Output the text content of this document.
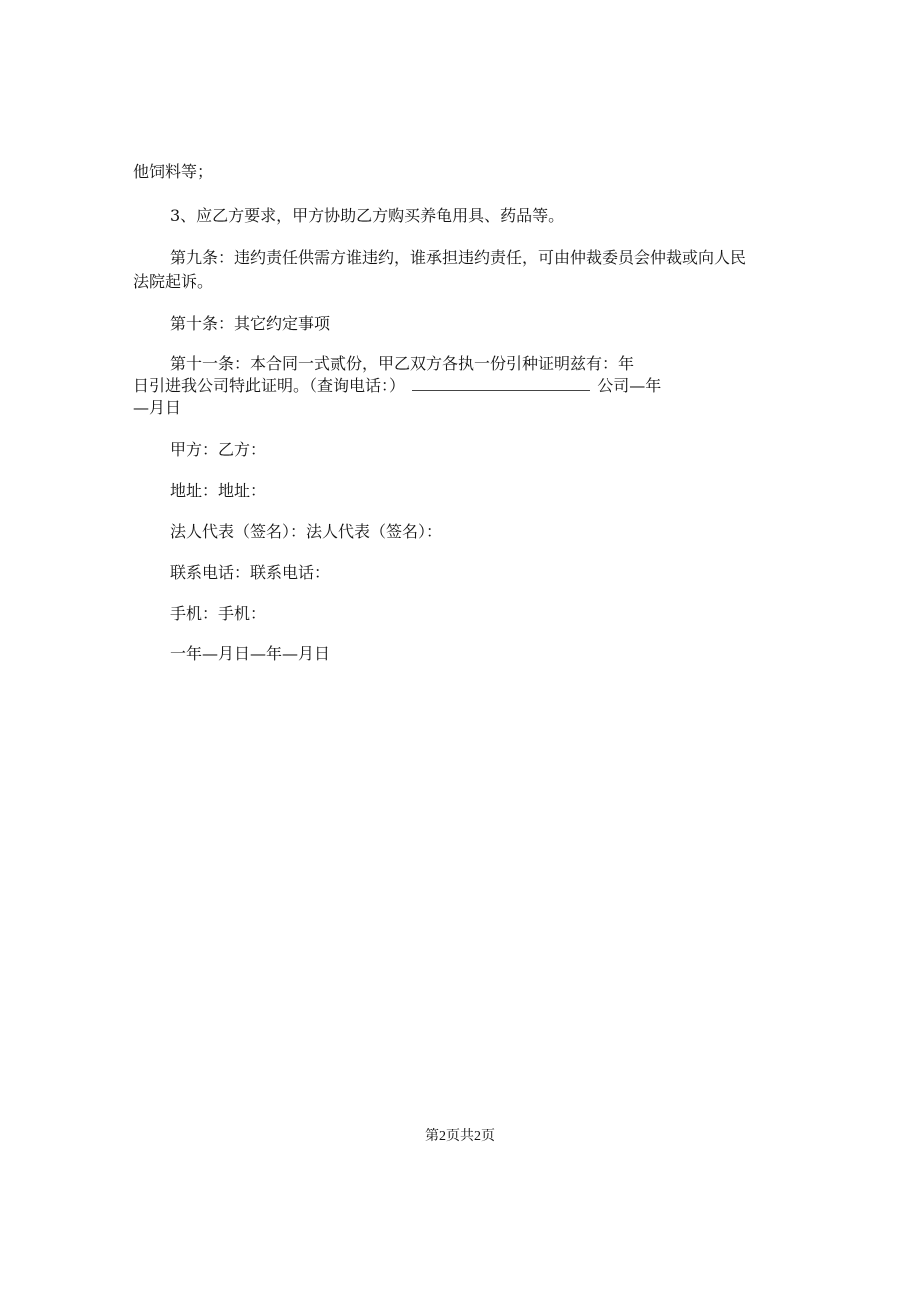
他饲料等；
3、应乙方要求，甲方协助乙方购买养龟用具、药品等。
第九条：违约责任供需方谁违约，谁承担违约责任，可由仲裁委员会仲裁或向人民
法院起诉。
第十条：其它约定事项
第十一条：本合同一式贰份，甲乙双方各执一份引种证明兹有：年
日引进我公司特此证明。（查询电话：）	公司—年
—月日
甲方：乙方：
地址：地址：
法人代表（签名）：法人代表（签名）：
联系电话：联系电话：
手机：手机：
一年—月日—年—月日
第2页共2页
